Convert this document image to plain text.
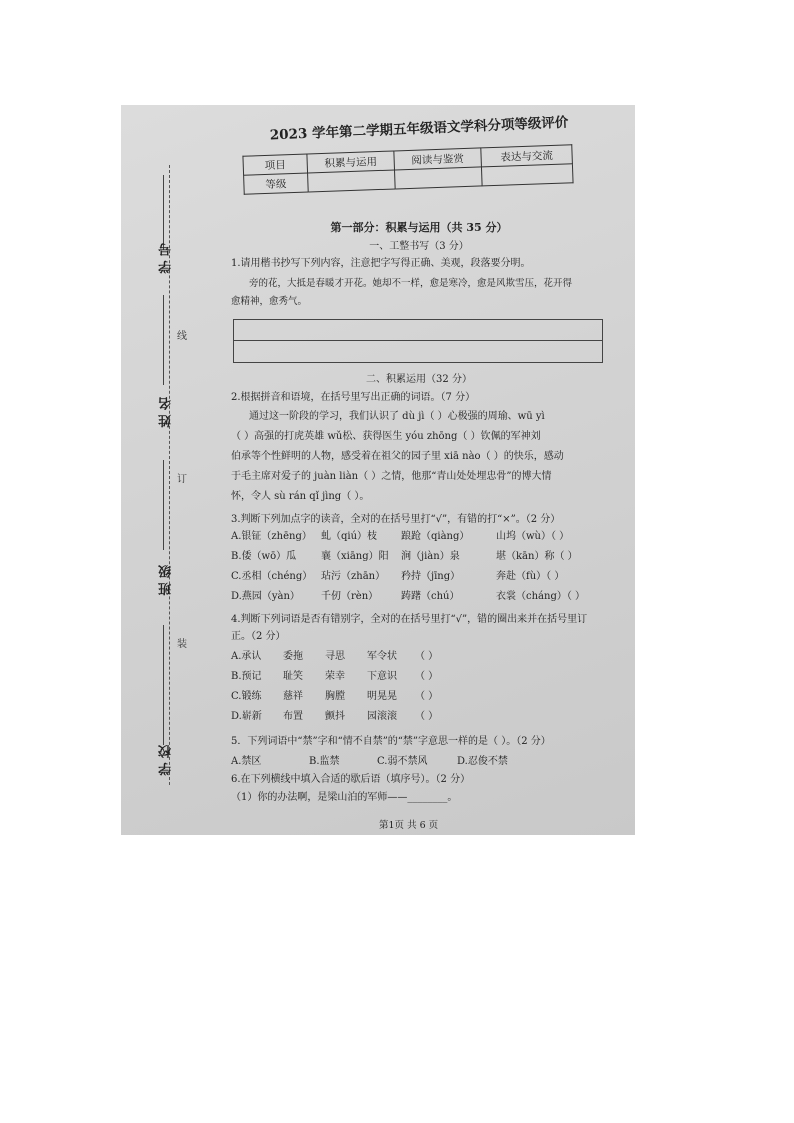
学 号
姓 名
班 级
学 校
线
订
装
2023 学年第二学期五年级语文学科分项等级评价
项目	积累与运用	阅读与鉴赏	表达与交流
等级			
第一部分：积累与运用（共 35 分）
一、工整书写（3 分）
1.请用楷书抄写下列内容，注意把字写得正确、美观，段落要分明。
旁的花，大抵是春暖才开花。她却不一样，愈是寒冷，愈是风欺雪压，花开得
愈精神，愈秀气。
二、积累运用（32 分）
2.根据拼音和语境，在括号里写出正确的词语。（7 分）
通过这一阶段的学习，我们认识了 dù jì（ ）心极强的周瑜、wū yì
（ ）高强的打虎英雄 wǔ松、获得医生 yóu zhōng（ ）钦佩的军神刘
伯承等个性鲜明的人物，感受着在祖父的园子里 xiā nào（ ）的快乐，感动
于毛主席对爱子的 juàn liàn（ ）之情，他那“青山处处埋忠骨”的博大情
怀，令人 sù rán qǐ jìng（ ）。
3.判断下列加点字的读音，全对的在括号里打“√”，有错的打“×”。（2 分）
A.银钲（zhēng） 虬（qiú）枝 踉跄（qiàng）	山坞（wù）（ ）
B.倭（wō）瓜 襄（xiāng）阳 涧（jiàn）泉	堪（kān）称（ ）
C.丞相（chéng） 玷污（zhān） 矜持（jīng）	奔赴（fù）（ ）
D.燕园（yàn） 千仞（rèn） 踌躇（chú）	衣裳（cháng）（ ）
4.判断下列词语是否有错别字，全对的在括号里打“√”，错的圈出来并在括号里订
正。（2 分）
A.承认 委拖 寻思 军令状 （ ）
B.预记 耻笑 荣幸 下意识 （ ）
C.锻练 慈祥 胸膛 明晃晃 （ ）
D.崭新 布置 颤抖 园滚滚 （ ）
5．下列词语中“禁”字和“情不自禁”的“禁”字意思一样的是（ ）。（2 分）
A.禁区	B.监禁	C.弱不禁风	D.忍俊不禁
6.在下列横线中填入合适的歇后语（填序号）。（2 分）
（1）你的办法啊，是梁山泊的军师——________。
第1页 共 6 页
